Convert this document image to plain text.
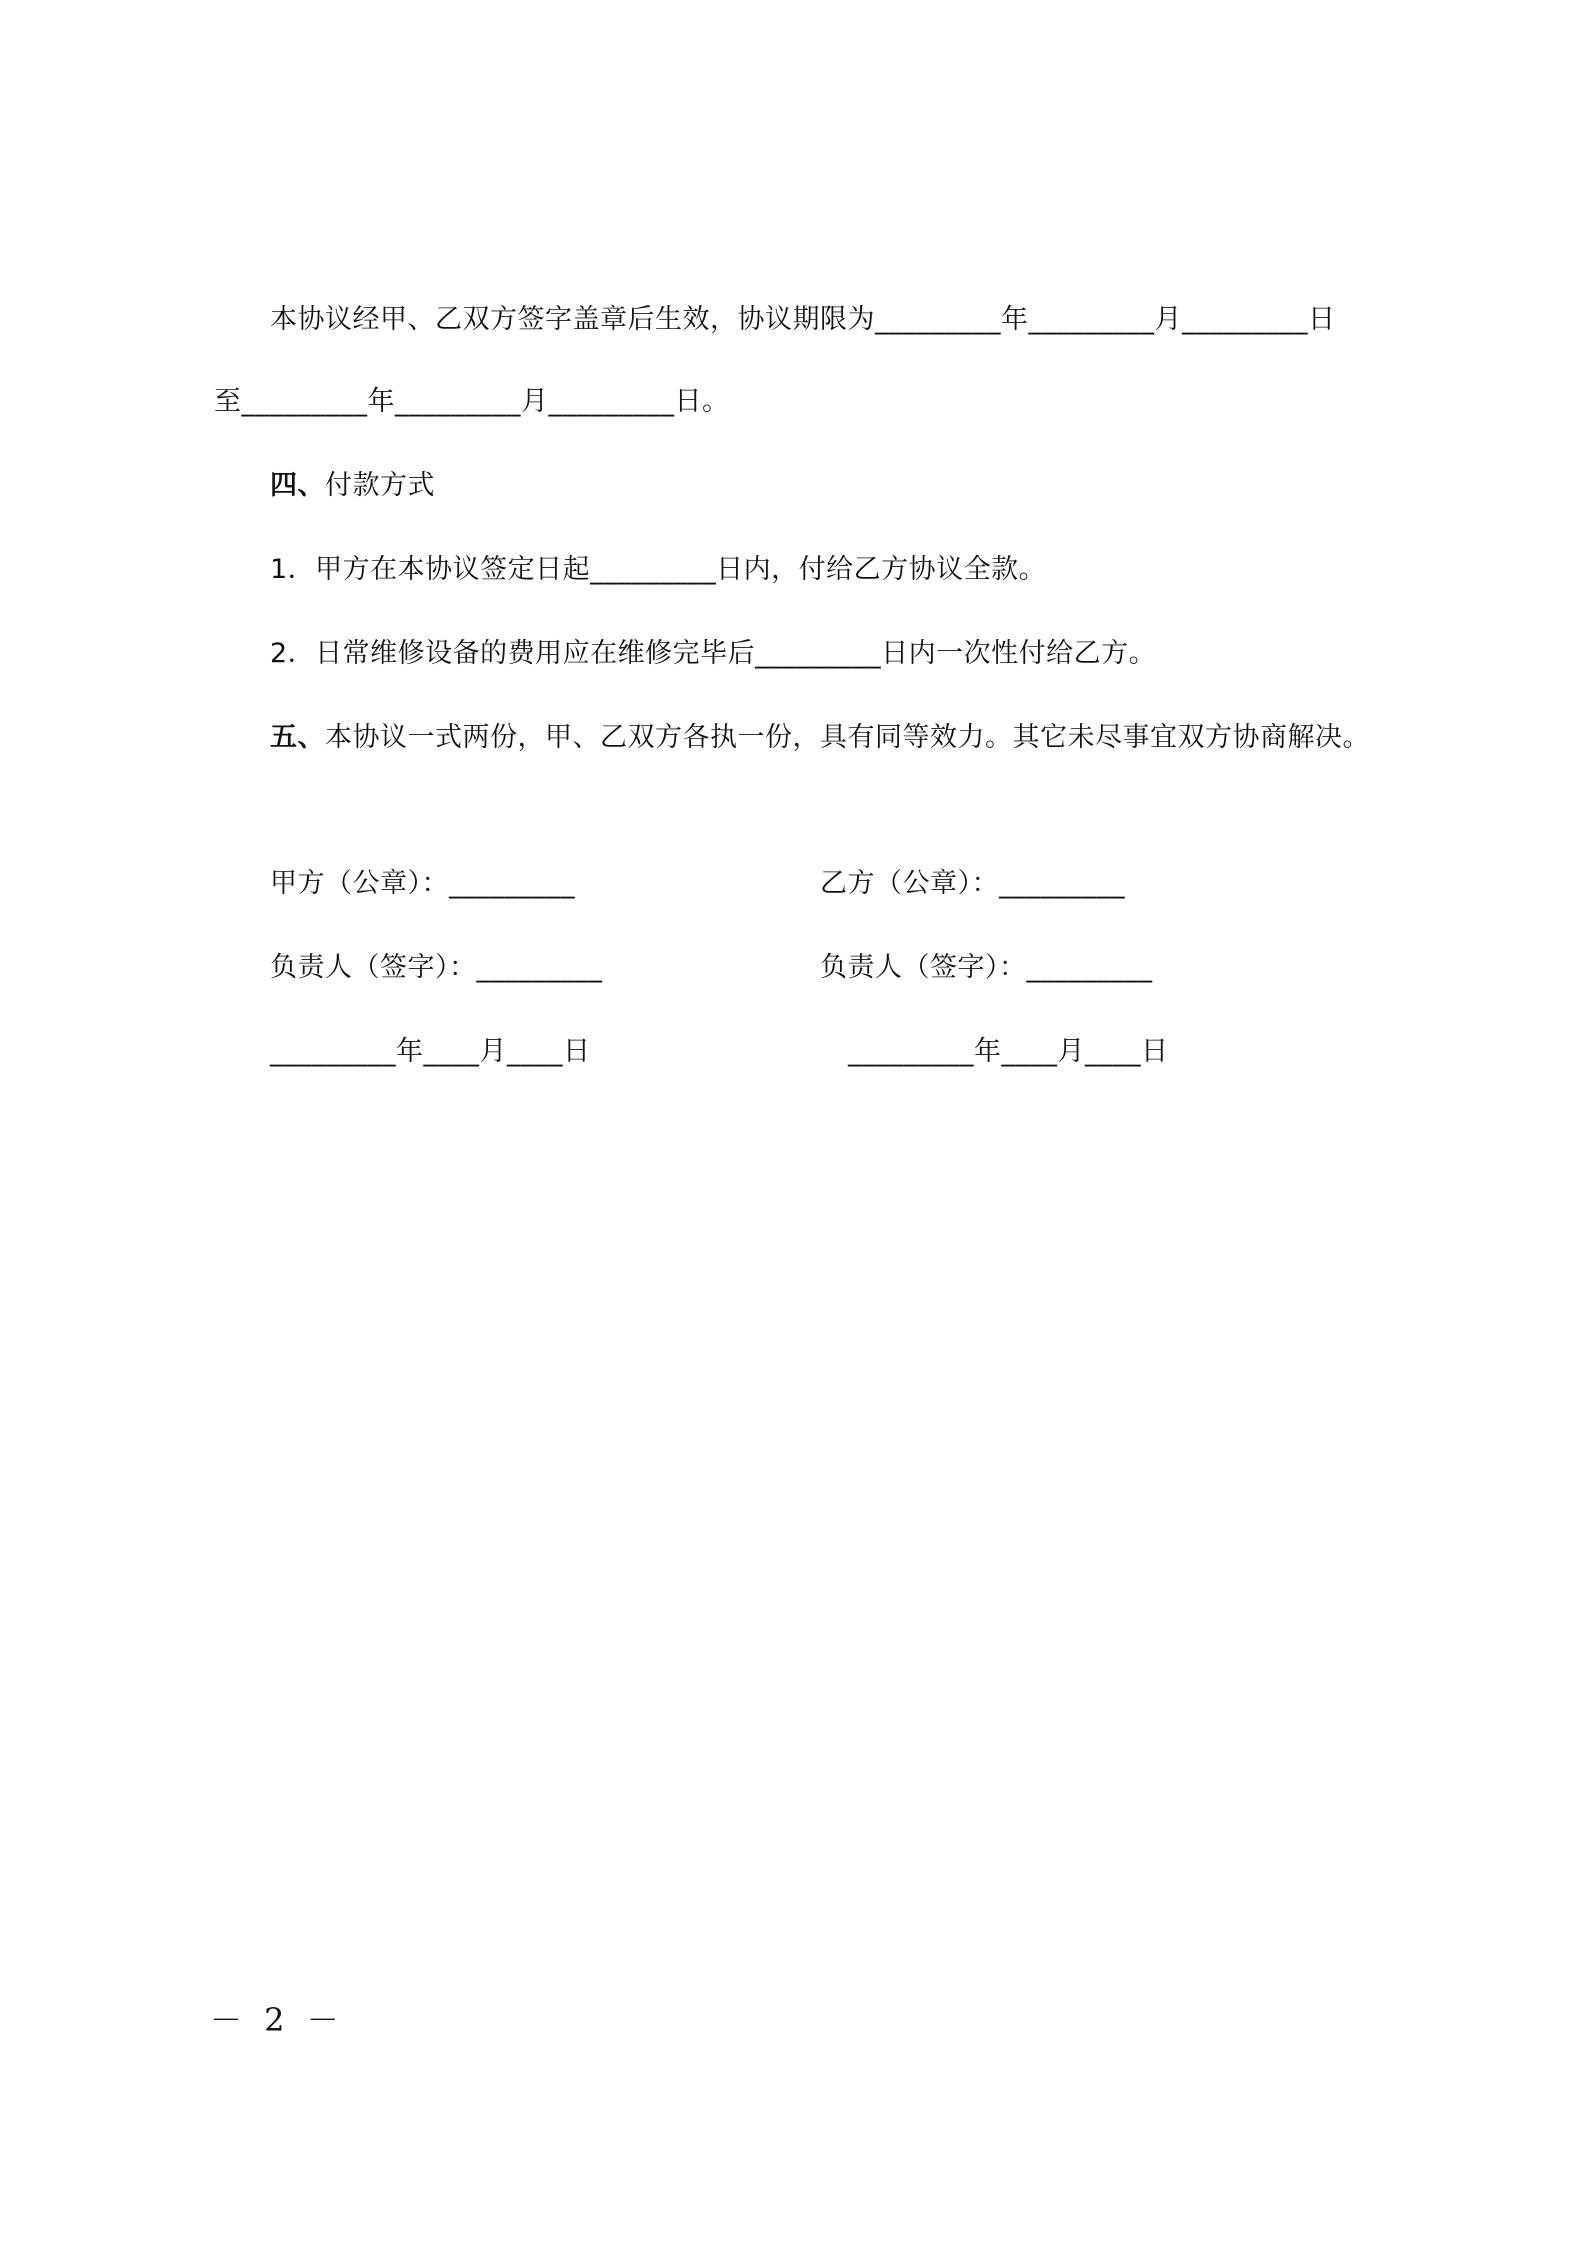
本协议经甲、乙双方签字盖章后生效，协议期限为_________年_________月_________日
至_________年_________月_________日。
四、付款方式
1．甲方在本协议签定日起_________日内，付给乙方协议全款。
2．日常维修设备的费用应在维修完毕后_________日内一次性付给乙方。
五、本协议一式两份，甲、乙双方各执一份，具有同等效力。其它未尽事宜双方协商解决。
甲方（公章）：_________
负责人（签字）：_________
_________年____月____日
乙方（公章）：_________
负责人（签字）：_________
_________年____月____日
－ 2 －
